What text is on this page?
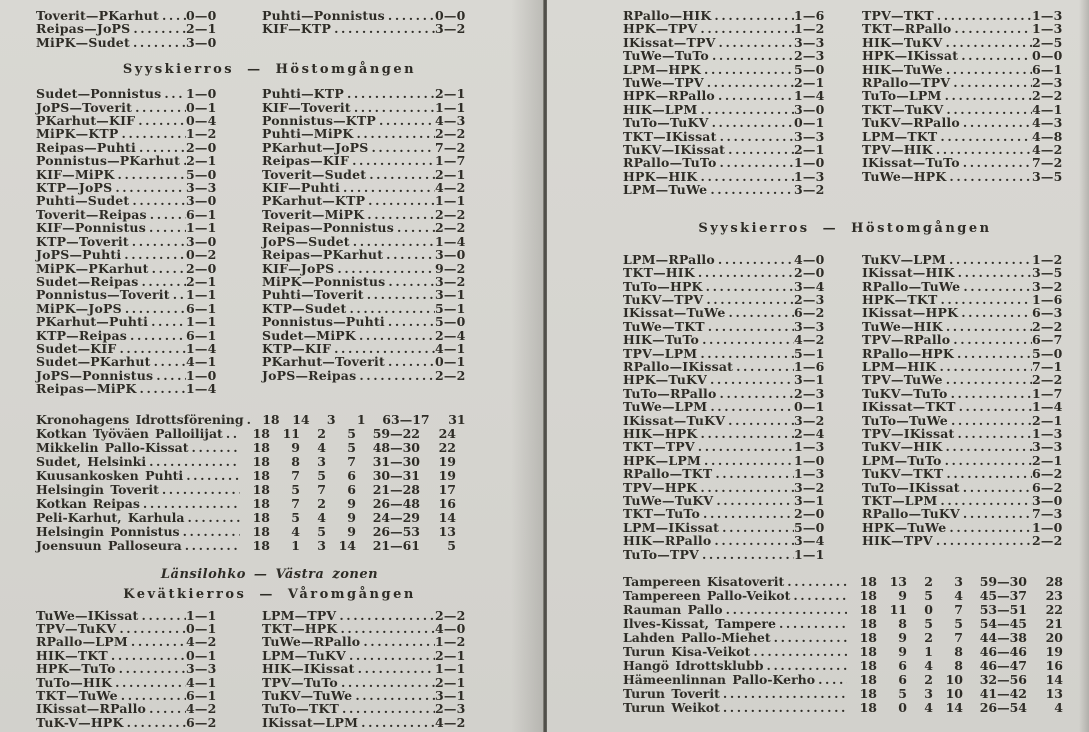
Toverit—PKarhut ..... 0—0
Reipas—JoPS .....	2—1
MiPK—Sudet .....	3—0
Puhti—Ponnistus .....	0—0
KIF—KTP .....	3—2
Syyskierros — Höstomgången
Sudet—Ponnistus ..... 1—0
JoPS—Toverit .....	0—1
PKarhut—KIF .....	0—4
MiPK—KTP .....	1—2
Reipas—Puhti .....	2—0
Ponnistus—PKarhut ..... 2—1
KIF—MiPK .....	5—0
KTP—JoPS .....	3—3
Puhti—Sudet .....	3—0
Toverit—Reipas .....	6—1
KIF—Ponnistus .....	1—1
KTP—Toverit .....	3—0
JoPS—Puhti .....	0—2
MiPK—PKarhut .....	2—0
Sudet—Reipas .....	2—1
Ponnistus—Toverit ..... 1—1
MiPK—JoPS .....	6—1
PKarhut—Puhti .....	1—1
KTP—Reipas .....	6—1
Sudet—KIF .....	1—4
Sudet—PKarhut .....	4—1
JoPS—Ponnistus .....	1—0
Reipas—MiPK .....	1—4
Puhti—KTP .....	2—1
KIF—Toverit .....	1—1
Ponnistus—KTP .....	4—3
Puhti—MiPK .....	2—2
PKarhut—JoPS .....	7—2
Reipas—KIF .....	1—7
Toverit—Sudet .....	2—1
KIF—Puhti .....	4—2
PKarhut—KTP .....	1—1
Toverit—MiPK .....	2—2
Reipas—Ponnistus .....	2—2
JoPS—Sudet .....	1—4
Reipas—PKarhut .....	3—0
KIF—JoPS .....	9—2
MiPK—Ponnistus .....	3—2
Puhti—Toverit .....	3—1
KTP—Sudet .....	5—1
Ponnistus—Puhti .....	5—0
Sudet—MiPK .....	2—4
KTP—KIF .....	4—1
PKarhut—Toverit .....	0—1
JoPS—Reipas .....	2—2
Kronohagens Idrottsförening .....	18	14	3	1	63—17	31
Kotkan Työväen Palloilijat .....	18	11	2	5	59—22	24
Mikkelin Pallo-Kissat .....	18	9	4	5	48—30	22
Sudet, Helsinki .....	18	8	3	7	31—30	19
Kuusankosken Puhti .....	18	7	5	6	30—31	19
Helsingin Toverit .....	18	5	7	6	21—28	17
Kotkan Reipas .....	18	7	2	9	26—48	16
Peli-Karhut, Karhula .....	18	5	4	9	24—29	14
Helsingin Ponnistus .....	18	4	5	9	26—53	13
Joensuun Palloseura .....	18	1	3	14	21—61	5
Länsilohko — Västra zonen
Kevätkierros — Våromgången
TuWe—IKissat .....	1—1
TPV—TuKV .....	0—1
RPallo—LPM .....	4—2
HIK—TKT .....	0—1
HPK—TuTo .....	3—3
TuTo—HIK .....	4—1
TKT—TuWe .....	6—1
IKissat—RPallo .....	4—2
TuK-V—HPK .....	6—2
LPM—TPV .....	2—2
TKT—HPK .....	4—0
TuWe—RPallo .....	1—2
LPM—TuKV .....	2—1
HIK—IKissat .....	1—1
TPV—TuTo .....	2—1
TuKV—TuWe .....	3—1
TuTo—TKT .....	2—3
IKissat—LPM .....	4—2
RPallo—HIK .....	1—6
HPK—TPV .....	1—2
IKissat—TPV .....	3—3
TuWe—TuTo .....	2—3
LPM—HPK .....	5—0
TuWe—TPV .....	2—1
HPK—RPallo .....	1—4
HIK—LPM .....	3—0
TuTo—TuKV .....	0—1
TKT—IKissat .....	3—3
TuKV—IKissat .....	2—1
RPallo—TuTo .....	1—0
HPK—HIK .....	1—3
LPM—TuWe .....	3—2
TPV—TKT .....	1—3
TKT—RPallo .....	1—3
HIK—TuKV .....	2—5
HPK—IKissat .....	0—0
HIK—TuWe .....	6—1
RPallo—TPV .....	2—3
TuTo—LPM .....	2—2
TKT—TuKV .....	4—1
TuKV—RPallo .....	4—3
LPM—TKT .....	4—8
TPV—HIK .....	4—2
IKissat—TuTo .....	7—2
TuWe—HPK .....	3—5
Syyskierros — Höstomgången
LPM—RPallo .....	4—0
TKT—HIK .....	2—0
TuTo—HPK .....	3—4
TuKV—TPV .....	2—3
IKissat—TuWe .....	6—2
TuWe—TKT .....	3—3
HIK—TuTo .....	4—2
TPV—LPM .....	5—1
RPallo—IKissat .....	1—6
HPK—TuKV .....	3—1
TuTo—RPallo .....	2—3
TuWe—LPM .....	0—1
IKissat—TuKV .....	3—2
HIK—HPK .....	2—4
TKT—TPV .....	1—3
HPK—LPM .....	1—0
RPallo—TKT .....	1—3
TPV—HPK .....	3—2
TuWe—TuKV .....	3—1
TKT—TuTo .....	2—0
LPM—IKissat .....	5—0
HIK—RPallo .....	3—4
TuTo—TPV .....	1—1
TuKV—LPM .....	1—2
IKissat—HIK .....	3—5
RPallo—TuWe .....	3—2
HPK—TKT .....	1—6
IKissat—HPK .....	6—3
TuWe—HIK .....	2—2
TPV—RPallo .....	6—7
RPallo—HPK .....	5—0
LPM—HIK .....	7—1
TPV—TuWe .....	2—2
TuKV—TuTo .....	1—7
IKissat—TKT .....	1—4
TuTo—TuWe .....	2—1
TPV—IKissat .....	1—3
TuKV—HIK .....	3—3
LPM—TuTo .....	2—1
TuKV—TKT .....	6—2
TuTo—IKissat .....	6—2
TKT—LPM .....	3—0
RPallo—TuKV .....	7—3
HPK—TuWe .....	1—0
HIK—TPV .....	2—2
Tampereen Kisatoverit .....	18	13	2	3	59—30	28
Tampereen Pallo-Veikot .....	18	9	5	4	45—37	23
Rauman Pallo .....	18	11	0	7	53—51	22
Ilves-Kissat, Tampere .....	18	8	5	5	54—45	21
Lahden Pallo-Miehet .....	18	9	2	7	44—38	20
Turun Kisa-Veikot .....	18	9	1	8	46—46	19
Hangö Idrottsklubb .....	18	6	4	8	46—47	16
Hämeenlinnan Pallo-Kerho .....	18	6	2	10	32—56	14
Turun Toverit .....	18	5	3	10	41—42	13
Turun Weikot .....	18	0	4	14	26—54	4
